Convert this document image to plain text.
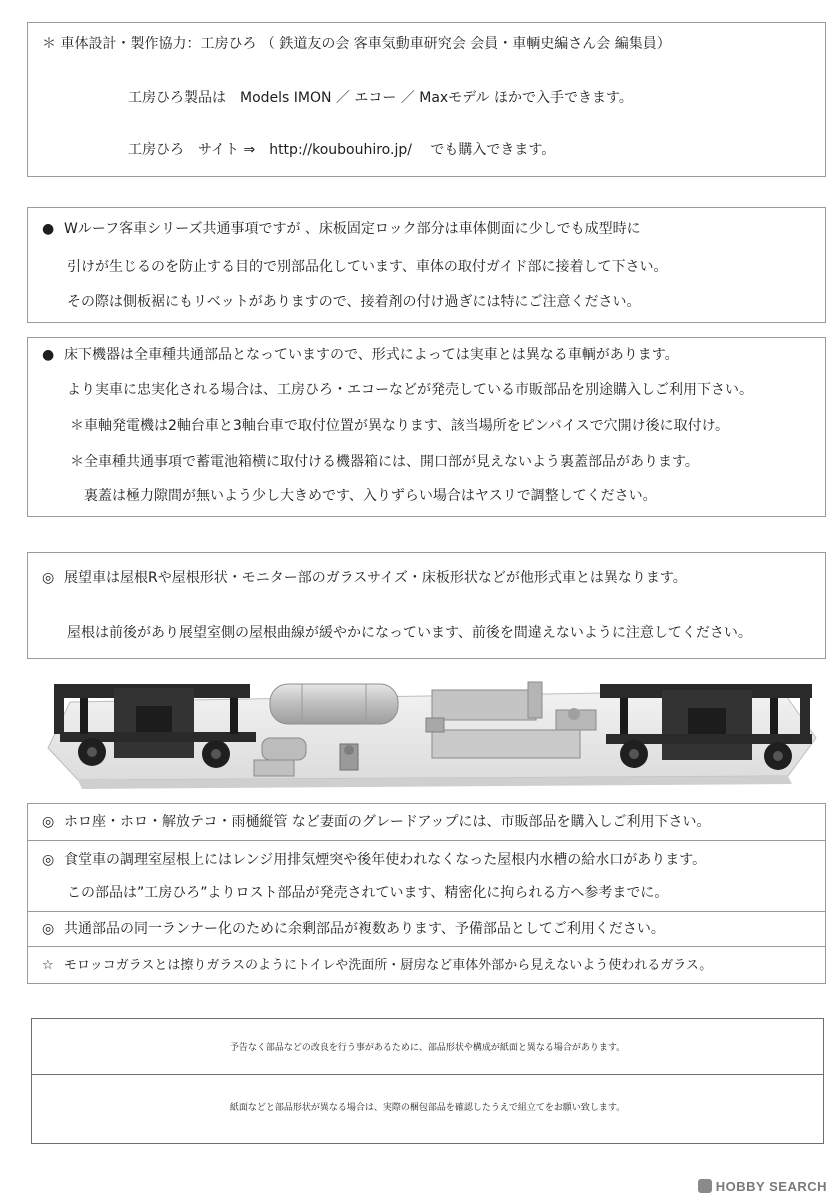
＊ 車体設計・製作協力：工房ひろ （ 鉄道友の会 客車気動車研究会 会員・車輌史編さん会 編集員）
工房ひろ製品は　Models IMON ／ エコー ／ Maxモデル ほかで入手できます。
工房ひろ　サイト ⇒　http://koubouhiro.jp/　 でも購入できます。
● Wルーフ客車シリーズ共通事項ですが 、床板固定ロック部分は車体側面に少しでも成型時に
引けが生じるのを防止する目的で別部品化しています、車体の取付ガイド部に接着して下さい。
その際は側板裾にもリベットがありますので、接着剤の付け過ぎには特にご注意ください。
● 床下機器は全車種共通部品となっていますので、形式によっては実車とは異なる車輌があります。
より実車に忠実化される場合は、工房ひろ・エコーなどが発売している市販部品を別途購入しご利用下さい。
＊車軸発電機は2軸台車と3軸台車で取付位置が異なります、該当場所をピンバイスで穴開け後に取付け。
＊全車種共通事項で蓄電池箱横に取付ける機器箱には、開口部が見えないよう裏蓋部品があります。
裏蓋は極力隙間が無いよう少し大きめです、入りずらい場合はヤスリで調整してください。
◎ 展望車は屋根Rや屋根形状・モニター部のガラスサイズ・床板形状などが他形式車とは異なります。
屋根は前後があり展望室側の屋根曲線が緩やかになっています、前後を間違えないように注意してください。
◎ ホロ座・ホロ・解放テコ・雨樋縦管 など妻面のグレードアップには、市販部品を購入しご利用下さい。
◎ 食堂車の調理室屋根上にはレンジ用排気煙突や後年使われなくなった屋根内水槽の給水口があります。
この部品は”工房ひろ”よりロスト部品が発売されています、精密化に拘られる方へ参考までに。
◎ 共通部品の同一ランナー化のために余剰部品が複数あります、予備部品としてご利用ください。
☆ モロッコガラスとは擦りガラスのようにトイレや洗面所・厨房など車体外部から見えないよう使われるガラス。
予告なく部品などの改良を行う事があるために、部品形状や構成が紙面と異なる場合があります。
紙面などと部品形状が異なる場合は、実際の梱包部品を確認したうえで組立てをお願い致します。
HOBBY SEARCH
